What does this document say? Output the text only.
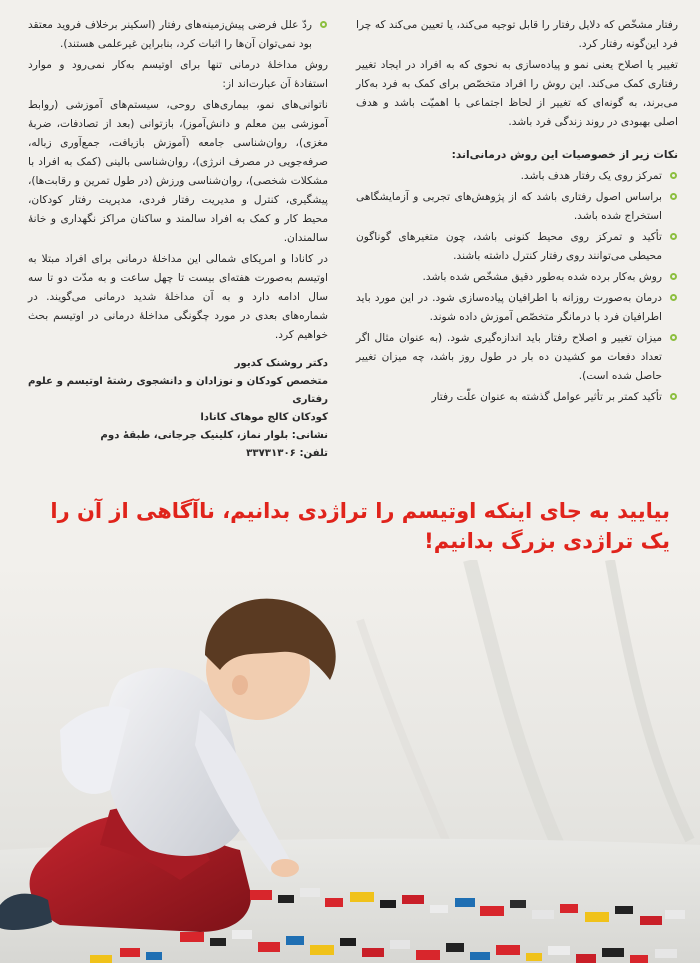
رفتار مشخّص که دلایل رفتار را قابل توجیه می‌کند، یا تعیین می‌کند که چرا فرد این‌گونه رفتار کرد.

تغییر یا اصلاح یعنی نمو و پیاده‌سازی به نحوی که به افراد در ایجاد تغییر رفتاری کمک می‌کند. این روش را افراد متخصّص برای کمک به فرد به‌کار می‌برند، به گونه‌ای که تغییر از لحاظ اجتماعی با اهمیّت باشد و هدف اصلی بهبودی در روند زندگی فرد باشد.

نکات زیر از خصوصیات این روش درمانی‌اند:

تمرکز روی یک رفتار هدف باشد.
براساس اصول رفتاری باشد که از پژوهش‌های تجربی و آزمایشگاهی استخراج شده باشد.
تأکید و تمرکز روی محیط کنونی باشد، چون متغیرهای گوناگون محیطی می‌توانند روی رفتار کنترل داشته باشند.
روش به‌کار برده شده به‌طور دقیق مشخّص شده باشد.
درمان به‌صورت روزانه با اطرافیان پیاده‌سازی شود. در این مورد باید اطرافیان فرد با درمانگر متخصّص آموزش داده شوند.
میزان تغییر و اصلاح رفتار باید اندازه‌گیری شود. (به عنوان مثال اگر تعداد دفعات مو کشیدن ده بار در طول روز باشد، چه میزان تغییر حاصل شده است).
تأکید کمتر بر تأثیر عوامل گذشته به عنوان علّت رفتار
ردّ علل فرضی پیش‌زمینه‌های رفتار (اسکینر برخلاف فروید معتقد بود نمی‌توان آن‌ها را اثبات کرد، بنابراین غیرعلمی هستند).

روش مداخلهٔ درمانی تنها برای اوتیسم به‌کار نمی‌رود و موارد استفادهٔ آن عبارت‌اند از:

ناتوانی‌های نمو، بیماری‌های روحی، سیستم‌های آموزشی (روابط آموزشی بین معلم و دانش‌آموز)، بازتوانی (بعد از تصادفات، ضربهٔ مغزی)، روان‌شناسی جامعه (آموزش بازیافت، جمع‌آوری زباله، صرفه‌جویی در مصرف انرژی)، روان‌شناسی بالینی (کمک به افراد با مشکلات شخصی)، روان‌شناسی ورزش (در طول تمرین و رقابت‌ها)، پیشگیری، کنترل و مدیریت رفتار فردی، مدیریت رفتار کودکان، محیط کار و کمک به افراد سالمند و ساکنان مراکز نگهداری و خانهٔ سالمندان.

در کانادا و امریکای شمالی این مداخلهٔ درمانی برای افراد مبتلا به اوتیسم به‌صورت هفته‌ای بیست تا چهل ساعت و به مدّت دو تا سه سال ادامه دارد و به آن مداخلهٔ شدید درمانی می‌گویند. در شماره‌های بعدی در مورد چگونگی مداخلهٔ درمانی در اوتیسم بحث خواهیم کرد.

دکتر روشنک کدیور
متخصص کودکان و نوزادان و دانشجوی رشتهٔ اوتیسم و علوم رفتاری
کودکان کالج موهاک کانادا
نشانی: بلوار نماز، کلینیک جرجانی، طبقهٔ دوم
تلفن: ۳۳۷۳۱۳۰۶
بیایید به جای اینکه اوتیسم را تراژدی بدانیم، ناآگاهی از آن را یک تراژدی بزرگ بدانیم!
